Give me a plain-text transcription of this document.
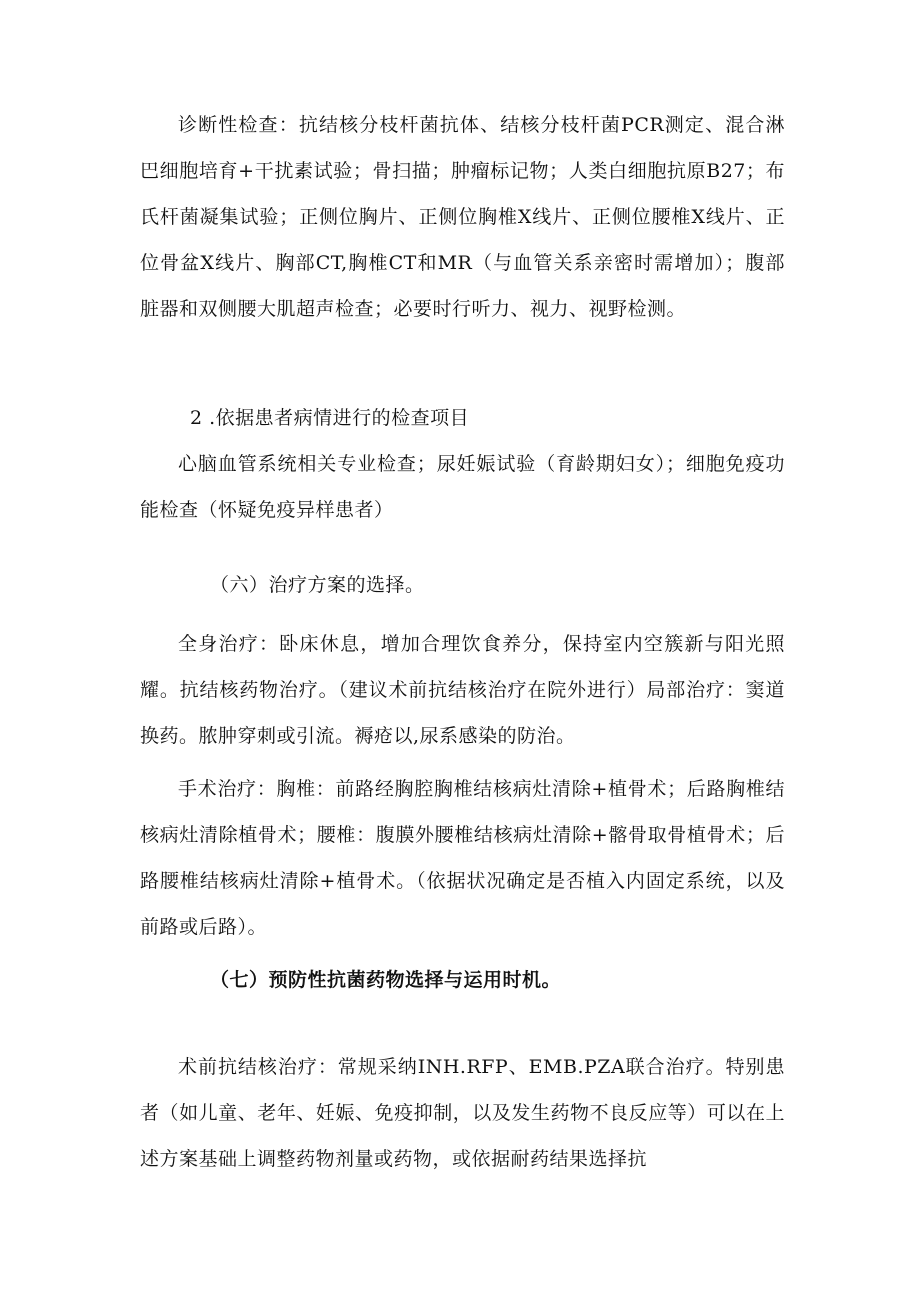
诊断性检查：抗结核分枝杆菌抗体、结核分枝杆菌PCR测定、混合淋巴细胞培育+干扰素试验；骨扫描；肿瘤标记物；人类白细胞抗原B27；布氏杆菌凝集试验；正侧位胸片、正侧位胸椎X线片、正侧位腰椎X线片、正位骨盆X线片、胸部CT,胸椎CT和MR（与血管关系亲密时需增加）；腹部脏器和双侧腰大肌超声检查；必要时行听力、视力、视野检测。

2 .依据患者病情进行的检查项目

心脑血管系统相关专业检查；尿妊娠试验（育龄期妇女）；细胞免疫功能检查（怀疑免疫异样患者）

（六）治疗方案的选择。

全身治疗：卧床休息，增加合理饮食养分，保持室内空簇新与阳光照耀。抗结核药物治疗。（建议术前抗结核治疗在院外进行）局部治疗：窦道换药。脓肿穿刺或引流。褥疮以,尿系感染的防治。

手术治疗：胸椎：前路经胸腔胸椎结核病灶清除+植骨术；后路胸椎结核病灶清除植骨术；腰椎：腹膜外腰椎结核病灶清除+髂骨取骨植骨术；后路腰椎结核病灶清除+植骨术。（依据状况确定是否植入内固定系统，以及前路或后路）。

（七）预防性抗菌药物选择与运用时机。

术前抗结核治疗：常规采纳INH.RFP、EMB.PZA联合治疗。特别患者（如儿童、老年、妊娠、免疫抑制，以及发生药物不良反应等）可以在上述方案基础上调整药物剂量或药物，或依据耐药结果选择抗
